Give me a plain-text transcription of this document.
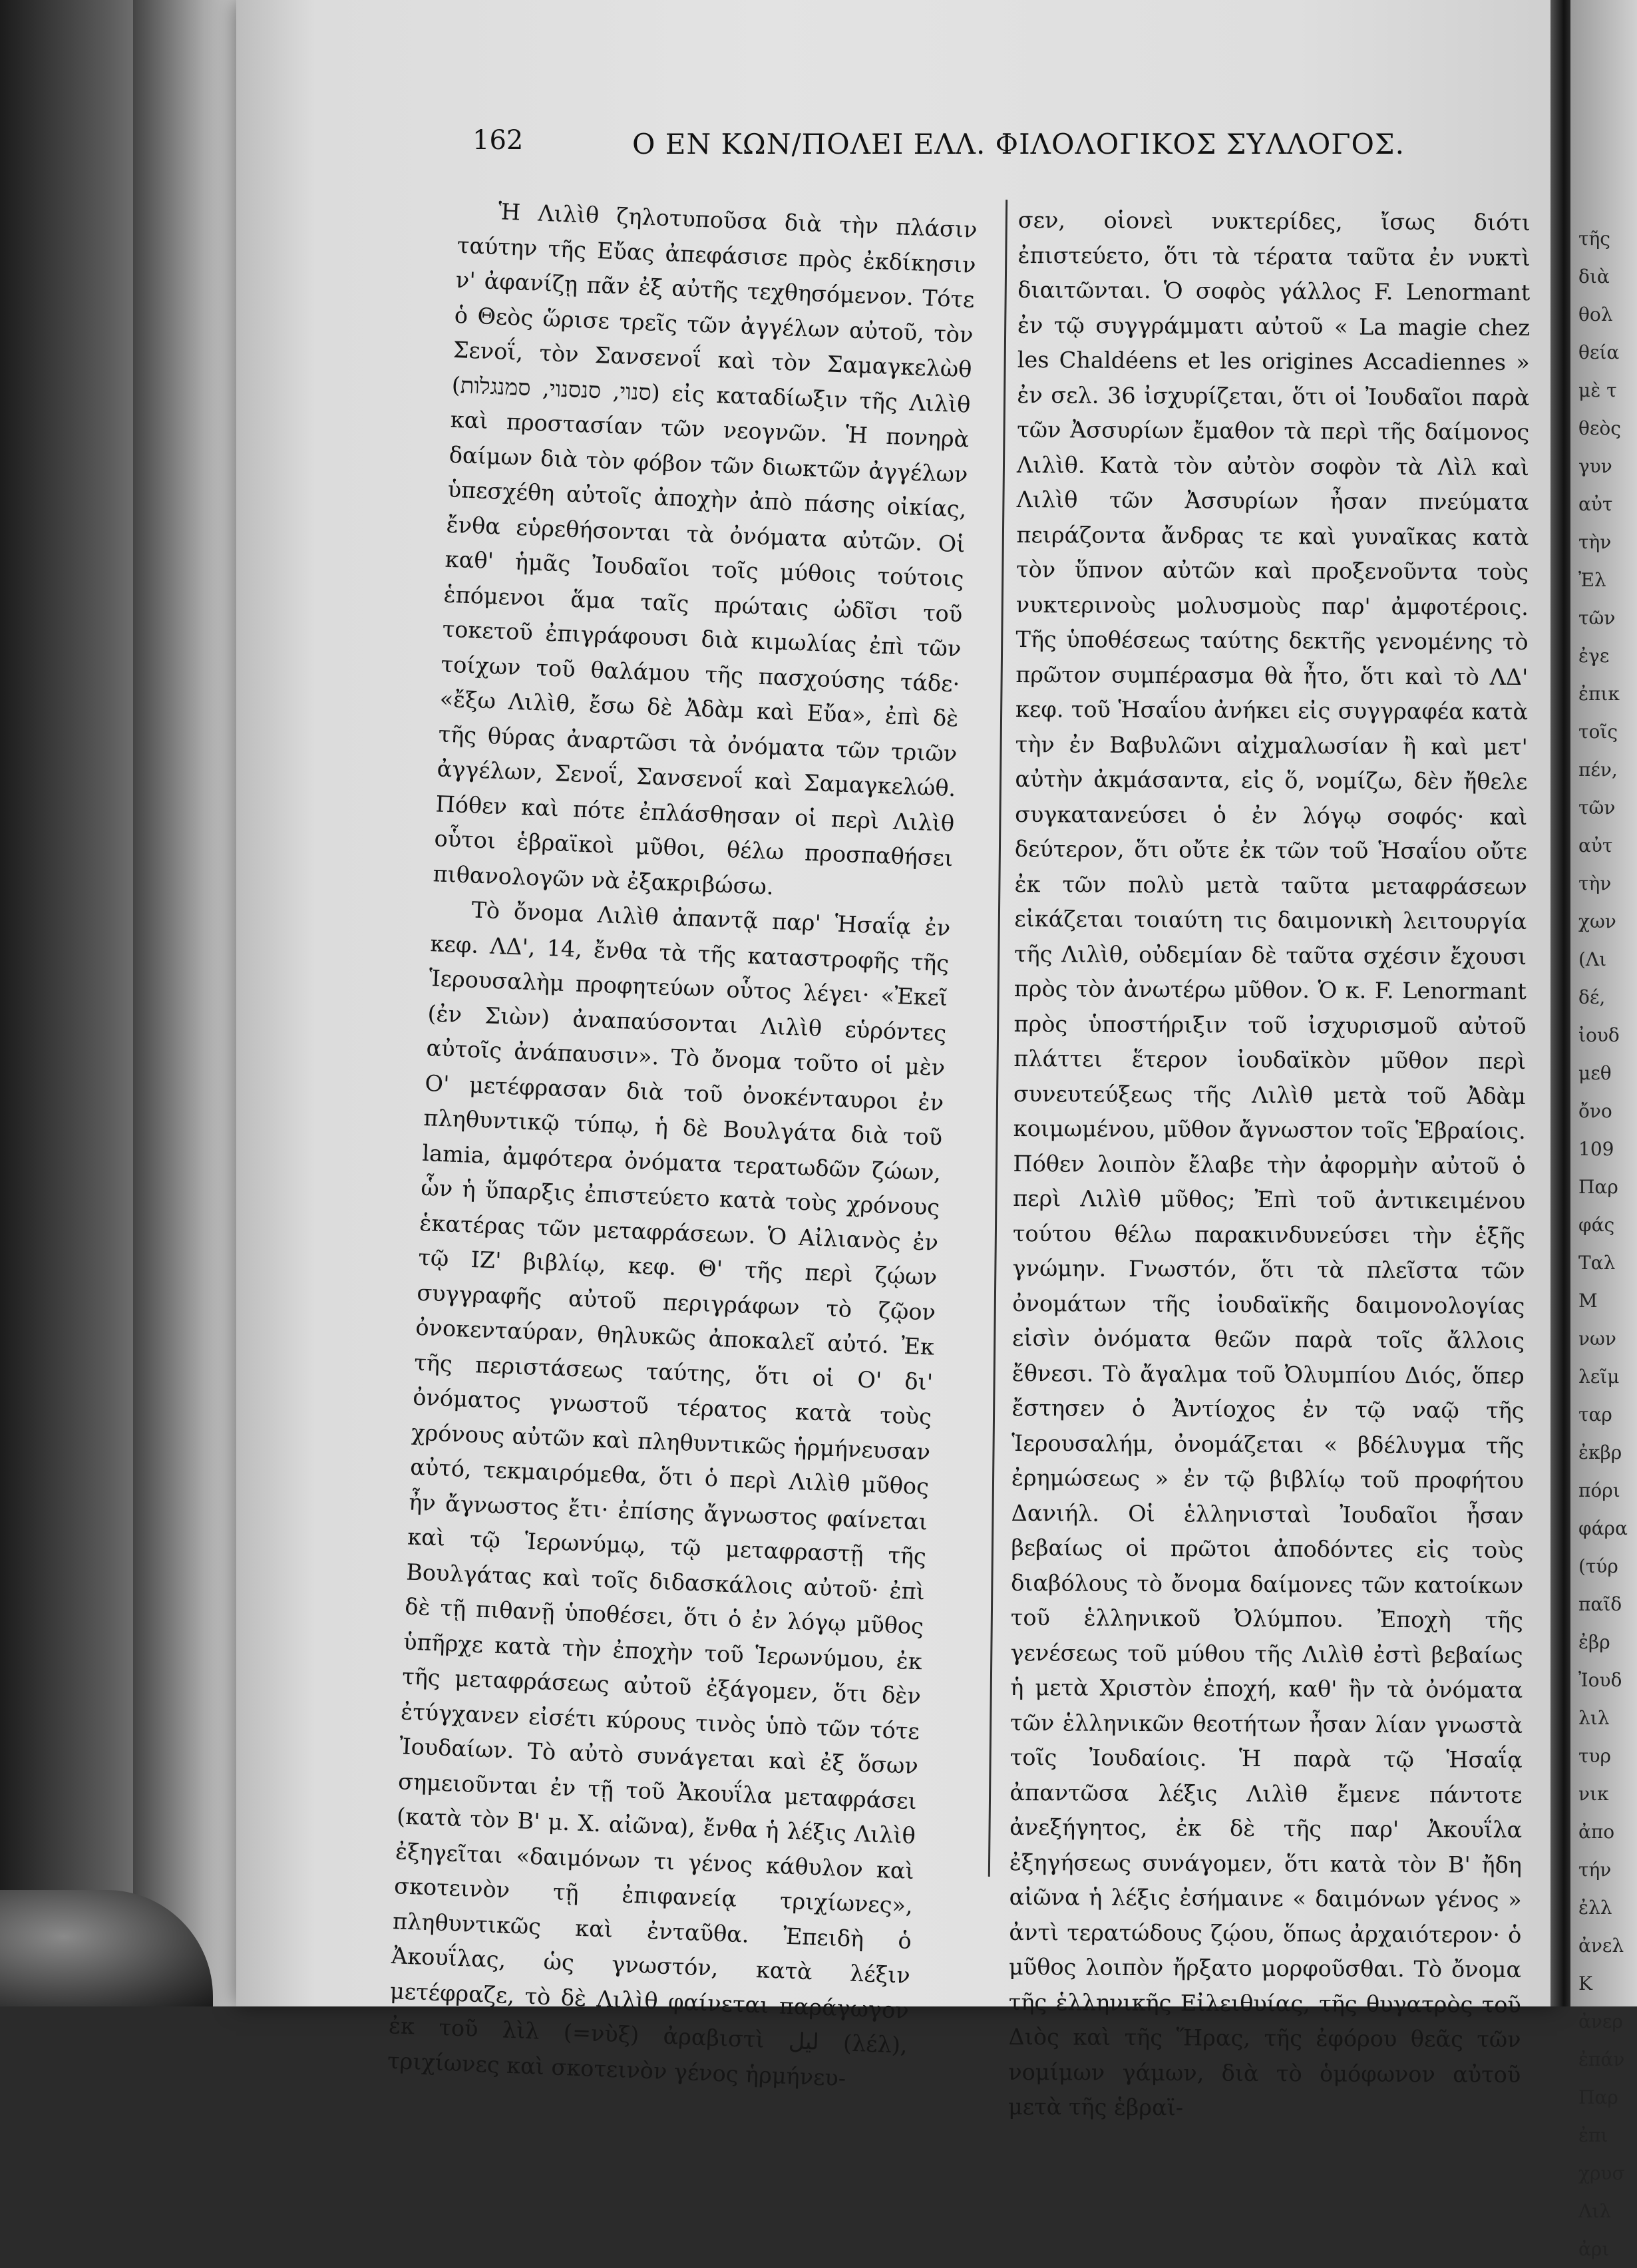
162	Ο ΕΝ ΚΩΝ/ΠΟΛΕΙ ΕΛΛ. ΦΙΛΟΛΟΓΙΚΟΣ ΣΥΛΛΟΓΟΣ.

Ἡ Λιλὶθ ζηλοτυποῦσα διὰ τὴν πλάσιν ταύτην τῆς Εὔας ἀπεφάσισε πρὸς ἐκδίκησιν ν' ἀφανίζῃ πᾶν ἐξ αὐτῆς τεχθησόμενον. Τότε ὁ Θεὸς ὥρισε τρεῖς τῶν ἀγγέλων αὐτοῦ, τὸν Σενοΐ, τὸν Σανσενοΐ καὶ τὸν Σαμαγκελὼθ (סנוי, סנסנוי, סמנגלות) εἰς καταδίωξιν τῆς Λιλὶθ καὶ προστασίαν τῶν νεογνῶν. Ἡ πονηρὰ δαίμων διὰ τὸν φόβον τῶν διωκτῶν ἀγγέλων ὑπεσχέθη αὐτοῖς ἀποχὴν ἀπὸ πάσης οἰκίας, ἔνθα εὑρεθήσονται τὰ ὀνόματα αὐτῶν. Οἱ καθ' ἡμᾶς Ἰουδαῖοι τοῖς μύθοις τούτοις ἑπόμενοι ἅμα ταῖς πρώταις ὠδῖσι τοῦ τοκετοῦ ἐπιγράφουσι διὰ κιμωλίας ἐπὶ τῶν τοίχων τοῦ θαλάμου τῆς πασχούσης τάδε· «ἔξω Λιλὶθ, ἔσω δὲ Ἀδὰμ καὶ Εὔα», ἐπὶ δὲ τῆς θύρας ἀναρτῶσι τὰ ὀνόματα τῶν τριῶν ἀγγέλων, Σενοΐ, Σανσενοΐ καὶ Σαμαγκελώθ. Πόθεν καὶ πότε ἐπλάσθησαν οἱ περὶ Λιλὶθ οὗτοι ἑβραϊκοὶ μῦθοι, θέλω προσπαθήσει πιθανολογῶν νὰ ἐξακριβώσω.

Τὸ ὄνομα Λιλὶθ ἀπαντᾷ παρ' Ἡσαΐᾳ ἐν κεφ. ΛΔ', 14, ἔνθα τὰ τῆς καταστροφῆς τῆς Ἱερουσαλὴμ προφητεύων οὗτος λέγει· «Ἐκεῖ (ἐν Σιὼν) ἀναπαύσονται Λιλὶθ εὑρόντες αὐτοῖς ἀνάπαυσιν». Τὸ ὄνομα τοῦτο οἱ μὲν Ο' μετέφρασαν διὰ τοῦ ὀνοκένταυροι ἐν πληθυντικῷ τύπῳ, ἡ δὲ Βουλγάτα διὰ τοῦ lamia, ἀμφότερα ὀνόματα τερατωδῶν ζώων, ὧν ἡ ὕπαρξις ἐπιστεύετο κατὰ τοὺς χρόνους ἑκατέρας τῶν μεταφράσεων. Ὁ Αἰλιανὸς ἐν τῷ ΙΖ' βιβλίῳ, κεφ. Θ' τῆς περὶ ζῴων συγγραφῆς αὐτοῦ περιγράφων τὸ ζῷον ὀνοκενταύραν, θηλυκῶς ἀποκαλεῖ αὐτό. Ἐκ τῆς περιστάσεως ταύτης, ὅτι οἱ Ο' δι' ὀνόματος γνωστοῦ τέρατος κατὰ τοὺς χρόνους αὐτῶν καὶ πληθυντικῶς ἡρμήνευσαν αὐτό, τεκμαιρόμεθα, ὅτι ὁ περὶ Λιλὶθ μῦθος ἦν ἄγνωστος ἔτι· ἐπίσης ἄγνωστος φαίνεται καὶ τῷ Ἱερωνύμῳ, τῷ μεταφραστῇ τῆς Βουλγάτας καὶ τοῖς διδασκάλοις αὐτοῦ· ἐπὶ δὲ τῇ πιθανῇ ὑποθέσει, ὅτι ὁ ἐν λόγῳ μῦθος ὑπῆρχε κατὰ τὴν ἐποχὴν τοῦ Ἱερωνύμου, ἐκ τῆς μεταφράσεως αὐτοῦ ἐξάγομεν, ὅτι δὲν ἐτύγχανεν εἰσέτι κύρους τινὸς ὑπὸ τῶν τότε Ἰουδαίων. Τὸ αὐτὸ συνάγεται καὶ ἐξ ὅσων σημειοῦνται ἐν τῇ τοῦ Ἀκουΐλα μεταφράσει (κατὰ τὸν Β' μ. Χ. αἰῶνα), ἔνθα ἡ λέξις Λιλὶθ ἐξηγεῖται «δαιμόνων τι γένος κάθυλον καὶ σκοτεινὸν τῇ ἐπιφανείᾳ τριχίωνες», πληθυντικῶς καὶ ἐνταῦθα. Ἐπειδὴ ὁ Ἀκουΐλας, ὡς γνωστόν, κατὰ λέξιν μετέφραζε, τὸ δὲ Λιλὶθ φαίνεται παράγωγον ἐκ τοῦ λὶλ (=νὺξ) ἀραβιστὶ ليل (λέλ), τριχίωνες καὶ σκοτεινὸν γένος ἡρμήνευ-

σεν, οἱονεὶ νυκτερίδες, ἴσως διότι ἐπιστεύετο, ὅτι τὰ τέρατα ταῦτα ἐν νυκτὶ διαιτῶνται. Ὁ σοφὸς γάλλος F. Lenormant ἐν τῷ συγγράμματι αὐτοῦ « La magie chez les Chaldéens et les origines Accadiennes » ἐν σελ. 36 ἰσχυρίζεται, ὅτι οἱ Ἰουδαῖοι παρὰ τῶν Ἀσσυρίων ἔμαθον τὰ περὶ τῆς δαίμονος Λιλὶθ. Κατὰ τὸν αὐτὸν σοφὸν τὰ Λὶλ καὶ Λιλὶθ τῶν Ἀσσυρίων ἦσαν πνεύματα πειράζοντα ἄνδρας τε καὶ γυναῖκας κατὰ τὸν ὕπνον αὐτῶν καὶ προξενοῦντα τοὺς νυκτερινοὺς μολυσμοὺς παρ' ἀμφοτέροις. Τῆς ὑποθέσεως ταύτης δεκτῆς γενομένης τὸ πρῶτον συμπέρασμα θὰ ἦτο, ὅτι καὶ τὸ ΛΔ' κεφ. τοῦ Ἡσαΐου ἀνήκει εἰς συγγραφέα κατὰ τὴν ἐν Βαβυλῶνι αἰχμαλωσίαν ἢ καὶ μετ' αὐτὴν ἀκμάσαντα, εἰς ὅ, νομίζω, δὲν ἤθελε συγκατανεύσει ὁ ἐν λόγῳ σοφός· καὶ δεύτερον, ὅτι οὔτε ἐκ τῶν τοῦ Ἡσαΐου οὔτε ἐκ τῶν πολὺ μετὰ ταῦτα μεταφράσεων εἰκάζεται τοιαύτη τις δαιμονικὴ λειτουργία τῆς Λιλὶθ, οὐδεμίαν δὲ ταῦτα σχέσιν ἔχουσι πρὸς τὸν ἀνωτέρω μῦθον. Ὁ κ. F. Lenormant πρὸς ὑποστήριξιν τοῦ ἰσχυρισμοῦ αὐτοῦ πλάττει ἕτερον ἰουδαϊκὸν μῦθον περὶ συνευτεύξεως τῆς Λιλὶθ μετὰ τοῦ Ἀδὰμ κοιμωμένου, μῦθον ἄγνωστον τοῖς Ἑβραίοις. Πόθεν λοιπὸν ἔλαβε τὴν ἀφορμὴν αὐτοῦ ὁ περὶ Λιλὶθ μῦθος; Ἐπὶ τοῦ ἀντικειμένου τούτου θέλω παρακινδυνεύσει τὴν ἑξῆς γνώμην. Γνωστόν, ὅτι τὰ πλεῖστα τῶν ὀνομάτων τῆς ἰουδαϊκῆς δαιμονολογίας εἰσὶν ὀνόματα θεῶν παρὰ τοῖς ἄλλοις ἔθνεσι. Τὸ ἄγαλμα τοῦ Ὀλυμπίου Διός, ὅπερ ἔστησεν ὁ Ἀντίοχος ἐν τῷ ναῷ τῆς Ἱερουσαλήμ, ὀνομάζεται « βδέλυγμα τῆς ἐρημώσεως » ἐν τῷ βιβλίῳ τοῦ προφήτου Δανιήλ. Οἱ ἑλληνισταὶ Ἰουδαῖοι ἦσαν βεβαίως οἱ πρῶτοι ἀποδόντες εἰς τοὺς διαβόλους τὸ ὄνομα δαίμονες τῶν κατοίκων τοῦ ἑλληνικοῦ Ὀλύμπου. Ἐποχὴ τῆς γενέσεως τοῦ μύθου τῆς Λιλὶθ ἐστὶ βεβαίως ἡ μετὰ Χριστὸν ἐποχή, καθ' ἣν τὰ ὀνόματα τῶν ἑλληνικῶν θεοτήτων ἦσαν λίαν γνωστὰ τοῖς Ἰουδαίοις. Ἡ παρὰ τῷ Ἡσαΐᾳ ἀπαντῶσα λέξις Λιλὶθ ἔμενε πάντοτε ἀνεξήγητος, ἐκ δὲ τῆς παρ' Ἀκουΐλα ἐξηγήσεως συνάγομεν, ὅτι κατὰ τὸν Β' ἤδη αἰῶνα ἡ λέξις ἐσήμαινε « δαιμόνων γένος » ἀντὶ τερατώδους ζῴου, ὅπως ἀρχαιότερον· ὁ μῦθος λοιπὸν ἤρξατο μορφοῦσθαι. Τὸ ὄνομα τῆς ἑλληνικῆς Εἰλειθυίας, τῆς θυγατρὸς τοῦ Διὸς καὶ τῆς Ἥρας, τῆς ἐφόρου θεᾶς τῶν νομίμων γάμων, διὰ τὸ ὁμόφωνον αὐτοῦ μετὰ τῆς ἑβραϊ-

τῆς
διὰ
θολ
θεία
μὲ τ
θεὸς
γυν
αὐτ
τὴν
Ἐλ
τῶν
ἐγε
ἐπικ
τοῖς
πέν,
τῶν
αὐτ
τὴν
χων
(Λι
δέ,
ἰουδ
μεθ
ὄνο
109
Παρ
φάς
Ταλ
Μ
νων
λεῖμ
ταρ
ἐκβρ
πόρι
φάρα
(τύρ
παῖδ
ἐβρ
Ἰουδ
λιλ
τυρ
νικ
ἀπο
τήν
ἐλλ
ἀνελ
Κ
ἀνερ
ἐπάν
Παρ
ἐπι
χρυσ
Λιλ
ἀρι
